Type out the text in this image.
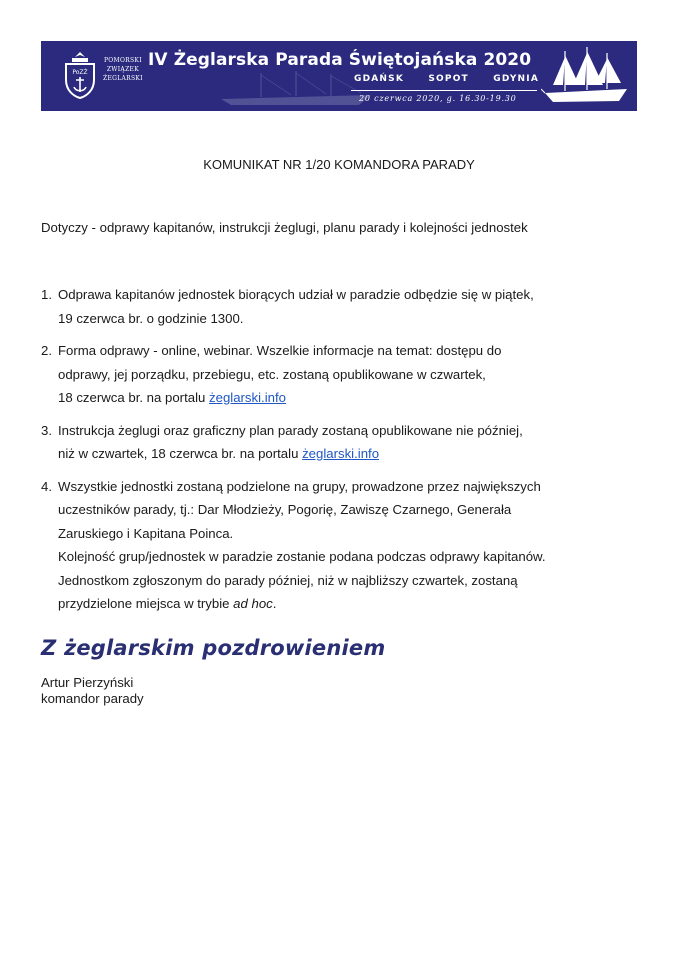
PoZŻ
POMORSKI
ZWIĄZEK
ŻEGLARSKI
IV Żeglarska Parada Świętojańska 2020
GDAŃSK	SOPOT	GDYNIA
20 czerwca 2020, g. 16.30-19.30
KOMUNIKAT NR 1/20 KOMANDORA PARADY
Dotyczy - odprawy kapitanów, instrukcji żeglugi, planu parady i kolejności jednostek
1. Odprawa kapitanów jednostek biorących udział w paradzie odbędzie się w piątek,
19 czerwca br. o godzinie 1300.
2. Forma odprawy - online, webinar. Wszelkie informacje na temat: dostępu do
odprawy, jej porządku, przebiegu, etc. zostaną opublikowane w czwartek,
18 czerwca br. na portalu żeglarski.info
3. Instrukcja żeglugi oraz graficzny plan parady zostaną opublikowane nie później,
niż w czwartek, 18 czerwca br. na portalu żeglarski.info
4. Wszystkie jednostki zostaną podzielone na grupy, prowadzone przez największych
uczestników parady, tj.: Dar Młodzieży, Pogorię, Zawiszę Czarnego, Generała
Zaruskiego i Kapitana Poinca.
Kolejność grup/jednostek w paradzie zostanie podana podczas odprawy kapitanów.
Jednostkom zgłoszonym do parady później, niż w najbliższy czwartek, zostaną
przydzielone miejsca w trybie ad hoc.
Z żeglarskim pozdrowieniem
Artur Pierzyński
komandor parady
